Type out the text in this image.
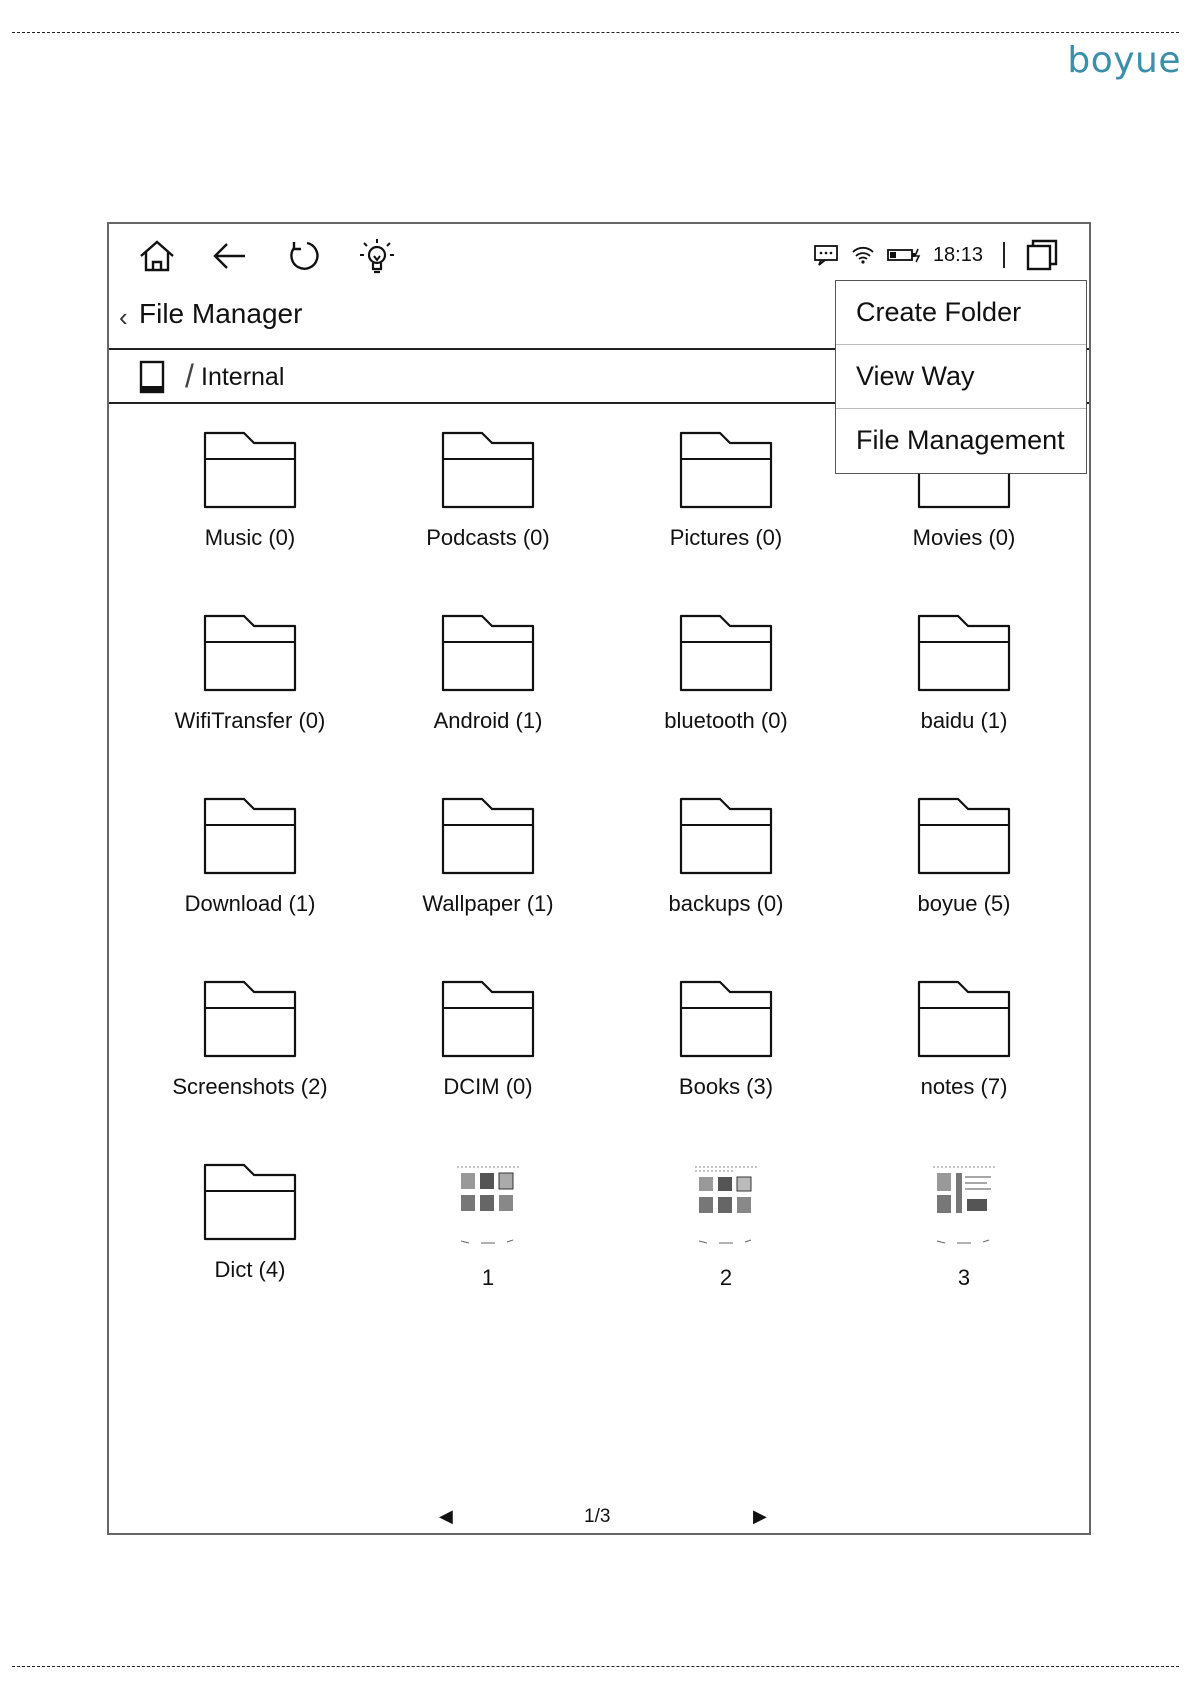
boyue
18:13
‹ File Manager
/ Internal
Music (0)	Podcasts (0)	Pictures (0)	Movies (0)
WifiTransfer (0)	Android (1)	bluetooth (0)	baidu (1)
Download (1)	Wallpaper (1)	backups (0)	boyue (5)
Screenshots (2)	DCIM (0)	Books (3)	notes (7)
Dict (4)	1	2	3
◀	1/3	▶
Create Folder
View Way
File Management
